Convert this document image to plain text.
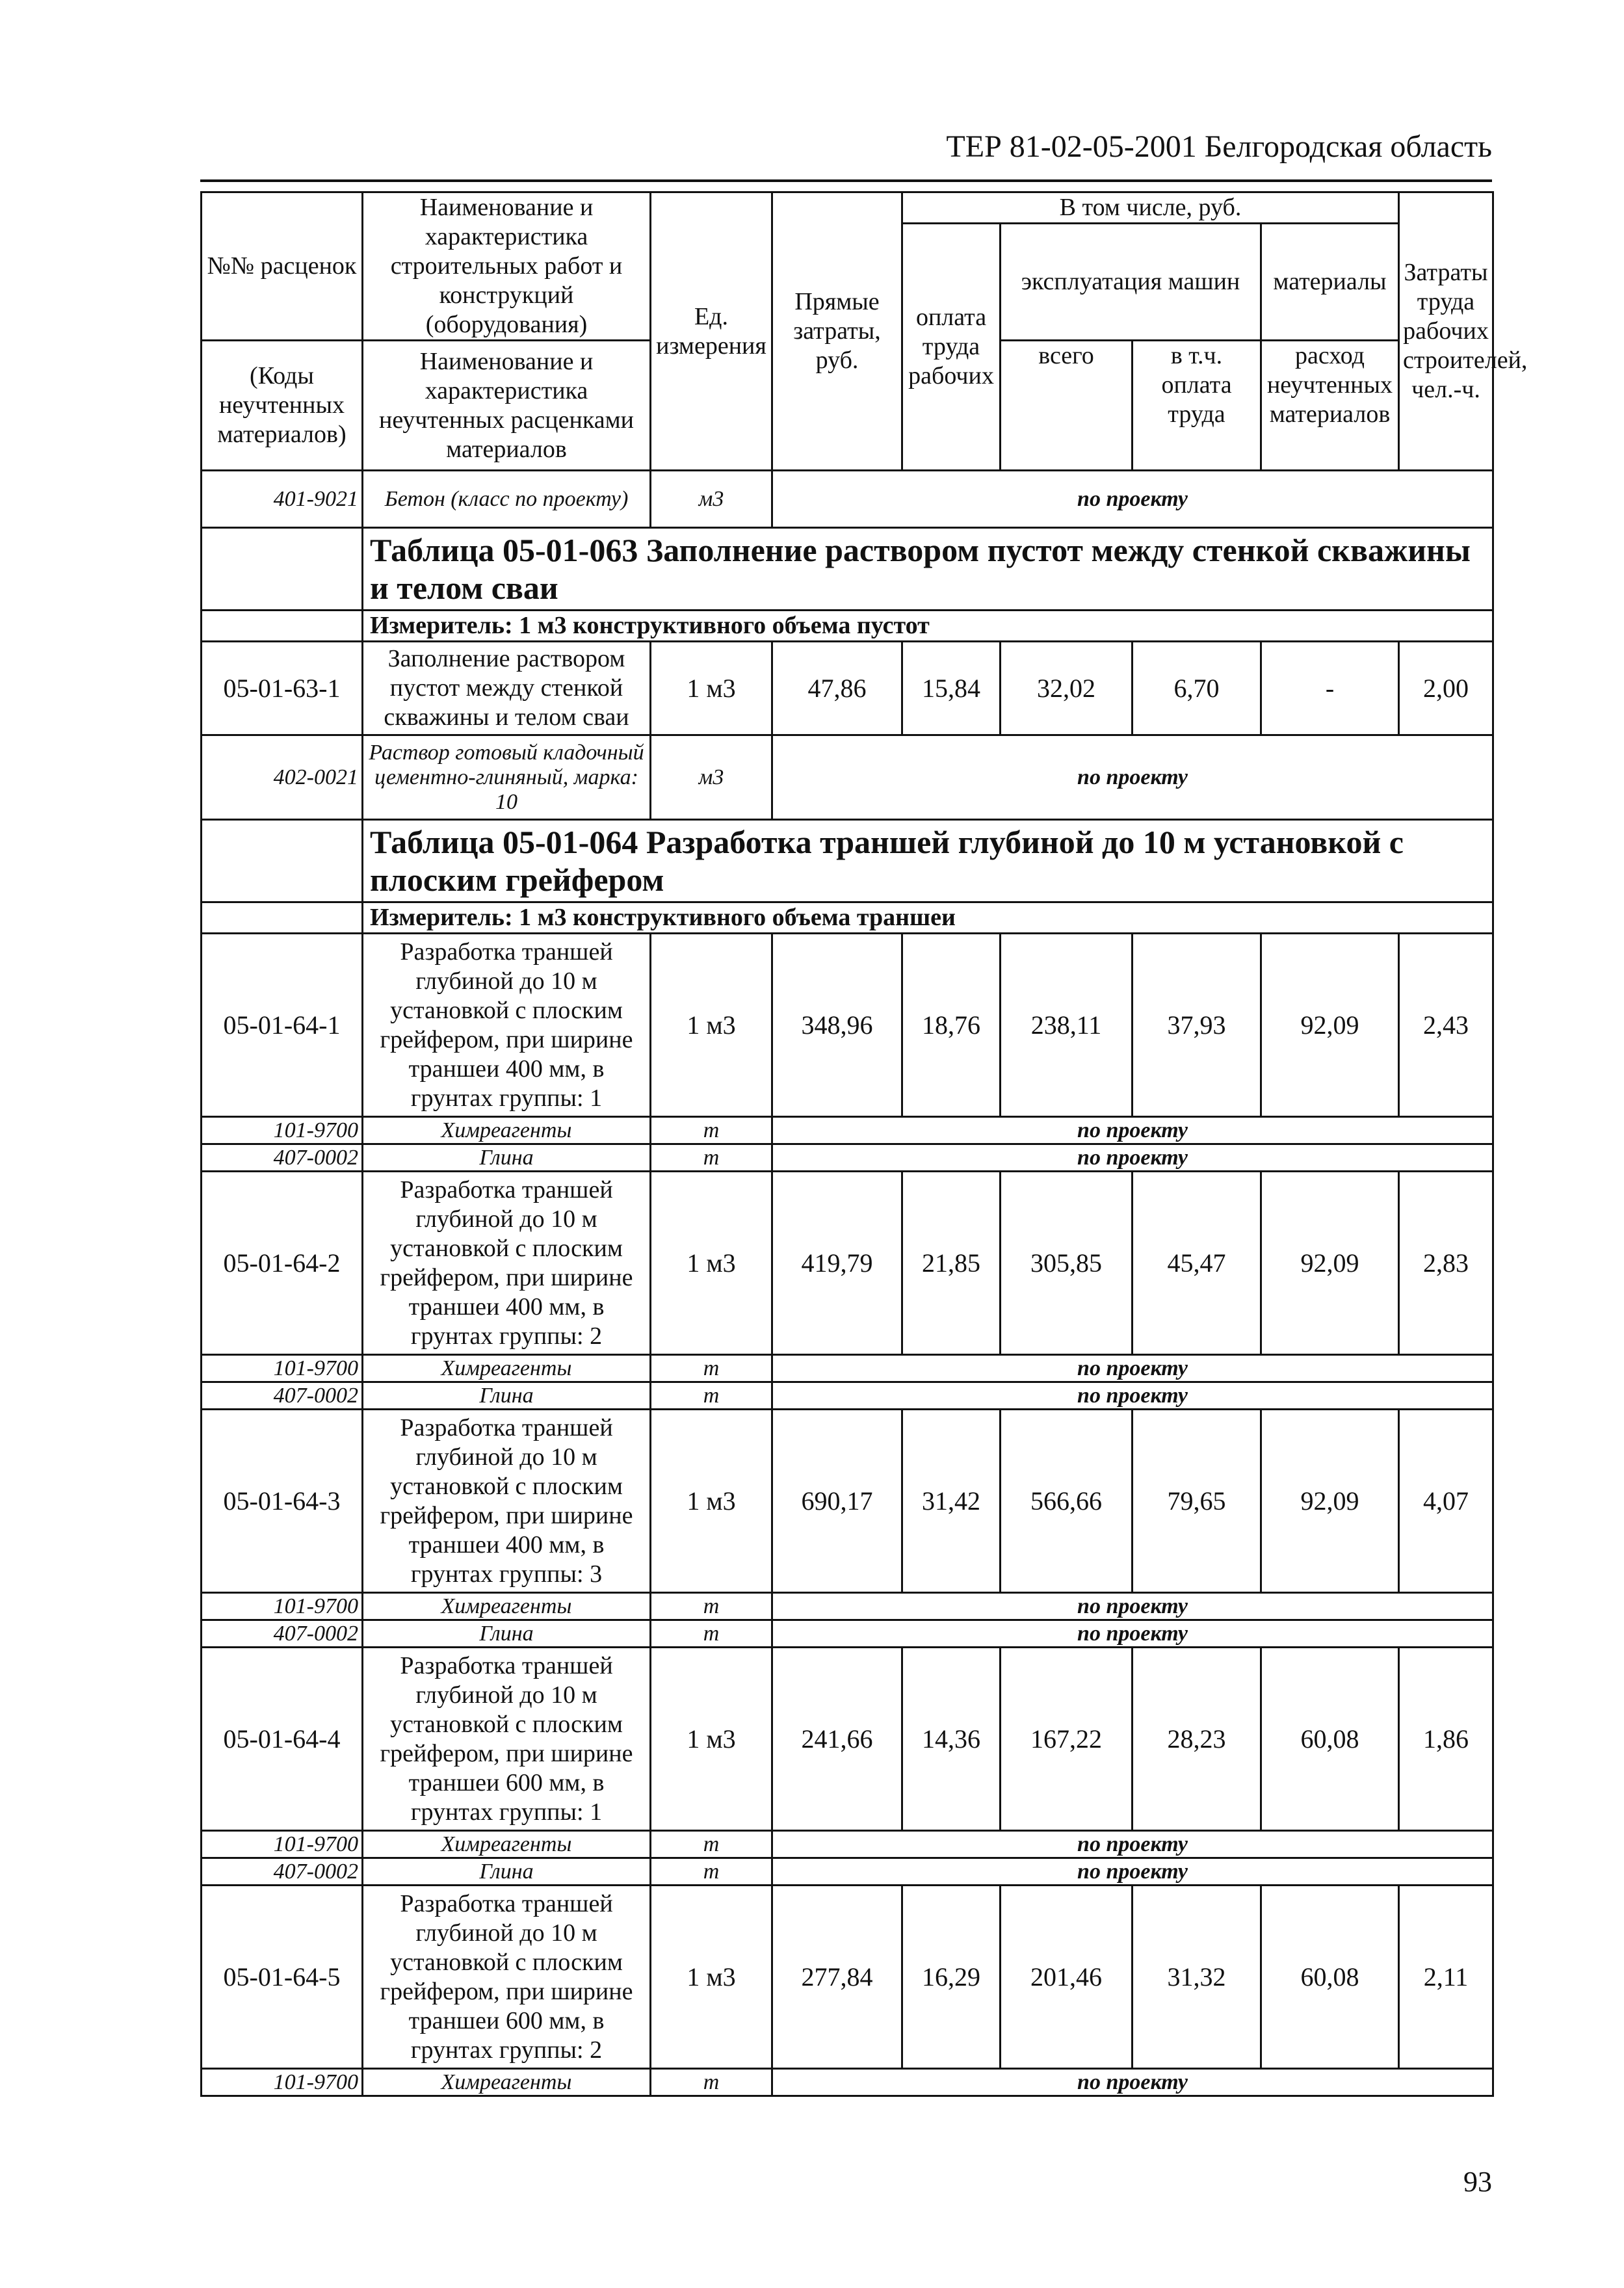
ТЕР 81-02-05-2001 Белгородская область
№№ расценок	Наименование и характеристика строительных работ и конструкций (оборудования)	Ед. измерения	Прямые затраты, руб.	В том числе, руб.				Затраты труда рабочих строителей, чел.-ч.
				оплата труда рабочих	эксплуатация машин		материалы	
(Коды неучтенных материалов)	Наименование и характеристика неучтенных расценками материалов				всего	в т.ч. оплата труда	расход неучтенных материалов	
401-9021	Бетон (класс по проекту)	м3	по проекту					
	Таблица 05-01-063 Заполнение раствором пустот между стенкой скважины и телом сваи							
	Измеритель: 1 м3 конструктивного объема пустот							
05-01-63-1	Заполнение раствором пустот между стенкой скважины и телом сваи	1 м3	47,86	15,84	32,02	6,70	-	2,00
402-0021	Раствор готовый кладочный цементно-глиняный, марка: 10	м3	по проекту					
	Таблица 05-01-064 Разработка траншей глубиной до 10 м установкой с плоским грейфером							
	Измеритель: 1 м3 конструктивного объема траншеи							
05-01-64-1	Разработка траншей глубиной до 10 м установкой с плоским грейфером, при ширине траншеи 400 мм, в грунтах группы: 1	1 м3	348,96	18,76	238,11	37,93	92,09	2,43
101-9700	Химреагенты	т	по проекту					
407-0002	Глина	т	по проекту					
05-01-64-2	Разработка траншей глубиной до 10 м установкой с плоским грейфером, при ширине траншеи 400 мм, в грунтах группы: 2	1 м3	419,79	21,85	305,85	45,47	92,09	2,83
101-9700	Химреагенты	т	по проекту					
407-0002	Глина	т	по проекту					
05-01-64-3	Разработка траншей глубиной до 10 м установкой с плоским грейфером, при ширине траншеи 400 мм, в грунтах группы: 3	1 м3	690,17	31,42	566,66	79,65	92,09	4,07
101-9700	Химреагенты	т	по проекту					
407-0002	Глина	т	по проекту					
05-01-64-4	Разработка траншей глубиной до 10 м установкой с плоским грейфером, при ширине траншеи 600 мм, в грунтах группы: 1	1 м3	241,66	14,36	167,22	28,23	60,08	1,86
101-9700	Химреагенты	т	по проекту					
407-0002	Глина	т	по проекту					
05-01-64-5	Разработка траншей глубиной до 10 м установкой с плоским грейфером, при ширине траншеи 600 мм, в грунтах группы: 2	1 м3	277,84	16,29	201,46	31,32	60,08	2,11
101-9700	Химреагенты	т	по проекту					
93
